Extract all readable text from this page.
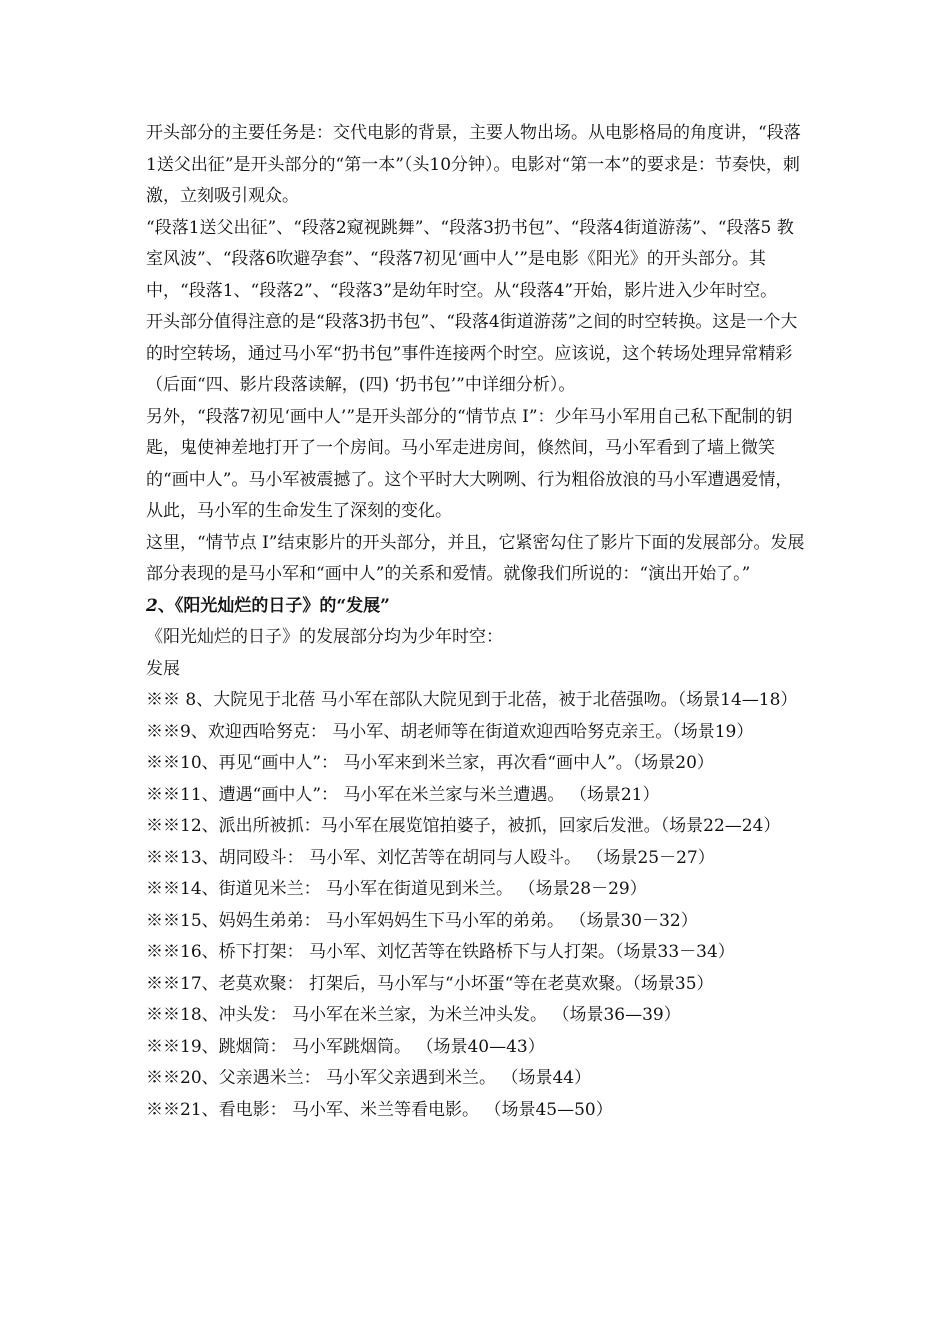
开头部分的主要任务是：交代电影的背景，主要人物出场。从电影格局的角度讲，“段落1送父出征”是开头部分的“第一本”（头10分钟）。电影对“第一本”的要求是：节奏快，刺激，立刻吸引观众。

“段落1送父出征”、“段落2窥视跳舞”、“段落3扔书包”、“段落4街道游荡”、“段落5 教室风波”、“段落6吹避孕套”、“段落7初见‘画中人’”是电影《阳光》的开头部分。其中，“段落1、“段落2”、“段落3”是幼年时空。从“段落4”开始，影片进入少年时空。

开头部分值得注意的是“段落3扔书包”、“段落4街道游荡”之间的时空转换。这是一个大的时空转场，通过马小军“扔书包”事件连接两个时空。应该说，这个转场处理异常精彩（后面“四、影片段落读解，(四) ‘扔书包’”中详细分析）。

另外，“段落7初见‘画中人’”是开头部分的“情节点 I”：少年马小军用自己私下配制的钥匙，鬼使神差地打开了一个房间。马小军走进房间，倏然间，马小军看到了墙上微笑的“画中人”。马小军被震撼了。这个平时大大咧咧、行为粗俗放浪的马小军遭遇爱情，从此，马小军的生命发生了深刻的变化。

这里，“情节点 I”结束影片的开头部分，并且，它紧密勾住了影片下面的发展部分。发展部分表现的是马小军和“画中人”的关系和爱情。就像我们所说的：“演出开始了。”

2、《阳光灿烂的日子》的“发展”

《阳光灿烂的日子》的发展部分均为少年时空：

发展

※※ 8、大院见于北蓓 马小军在部队大院见到于北蓓，被于北蓓强吻。（场景14—18）
※※9、欢迎西哈努克： 马小军、胡老师等在街道欢迎西哈努克亲王。（场景19）
※※10、再见“画中人”： 马小军来到米兰家，再次看“画中人”。（场景20）
※※11、遭遇“画中人”： 马小军在米兰家与米兰遭遇。 （场景21）
※※12、派出所被抓：马小军在展览馆拍婆子，被抓，回家后发泄。（场景22—24）
※※13、胡同殴斗： 马小军、刘忆苦等在胡同与人殴斗。 （场景25－27）
※※14、街道见米兰： 马小军在街道见到米兰。 （场景28－29）
※※15、妈妈生弟弟： 马小军妈妈生下马小军的弟弟。 （场景30－32）
※※16、桥下打架： 马小军、刘忆苦等在铁路桥下与人打架。（场景33－34）
※※17、老莫欢聚： 打架后，马小军与“小坏蛋“等在老莫欢聚。（场景35）
※※18、冲头发： 马小军在米兰家，为米兰冲头发。 （场景36—39）
※※19、跳烟筒： 马小军跳烟筒。 （场景40—43）
※※20、父亲遇米兰： 马小军父亲遇到米兰。 （场景44）
※※21、看电影： 马小军、米兰等看电影。 （场景45—50）
